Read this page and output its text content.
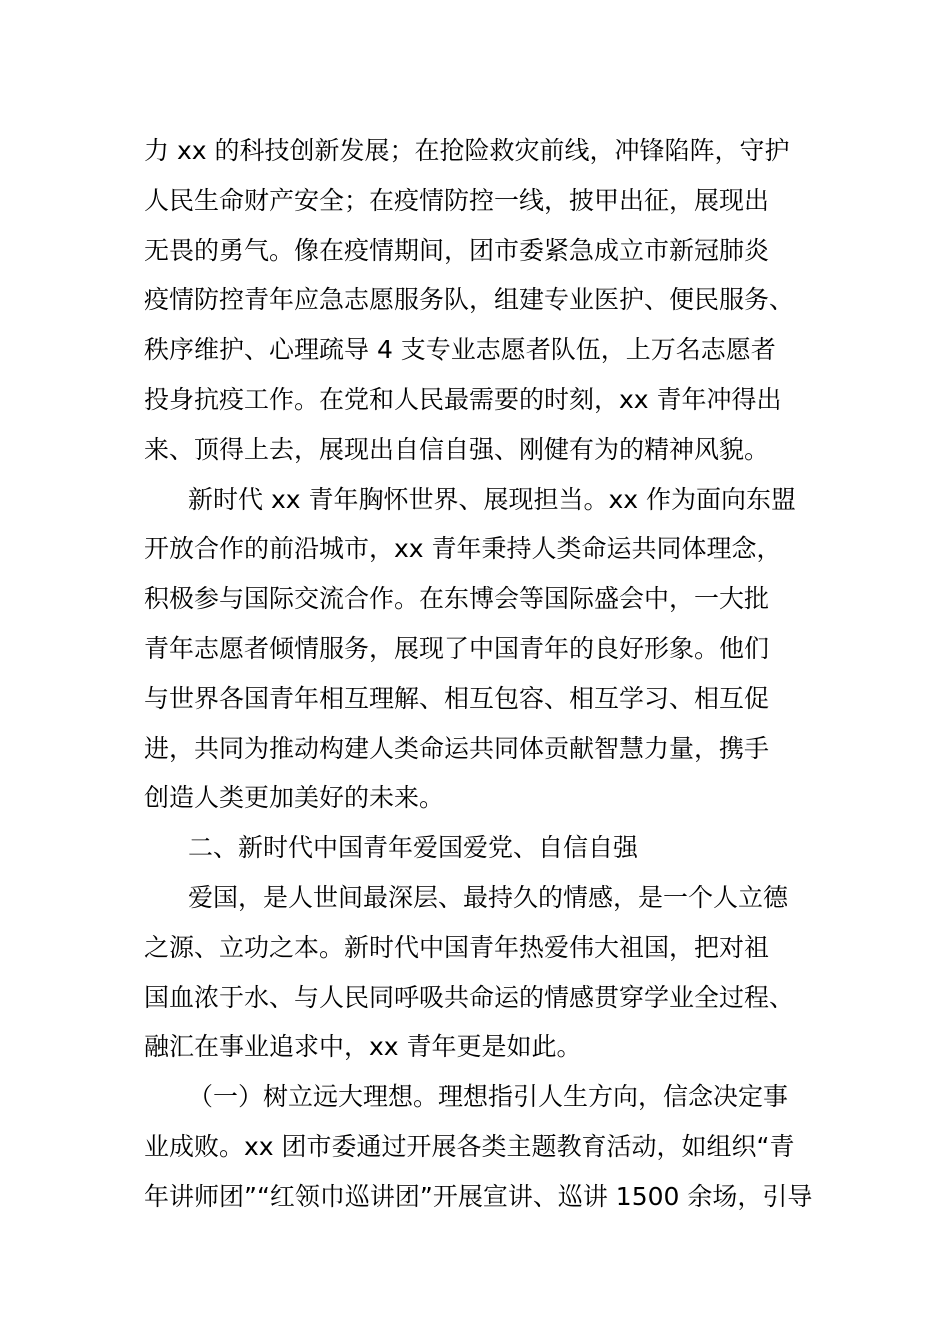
力 xx 的科技创新发展；在抢险救灾前线，冲锋陷阵，守护
人民生命财产安全；在疫情防控一线，披甲出征，展现出
无畏的勇气。像在疫情期间，团市委紧急成立市新冠肺炎
疫情防控青年应急志愿服务队，组建专业医护、便民服务、
秩序维护、心理疏导 4 支专业志愿者队伍，上万名志愿者
投身抗疫工作。在党和人民最需要的时刻，xx 青年冲得出
来、顶得上去，展现出自信自强、刚健有为的精神风貌。

新时代 xx 青年胸怀世界、展现担当。xx 作为面向东盟
开放合作的前沿城市，xx 青年秉持人类命运共同体理念，
积极参与国际交流合作。在东博会等国际盛会中，一大批
青年志愿者倾情服务，展现了中国青年的良好形象。他们
与世界各国青年相互理解、相互包容、相互学习、相互促
进，共同为推动构建人类命运共同体贡献智慧力量，携手
创造人类更加美好的未来。

二、新时代中国青年爱国爱党、自信自强

爱国，是人世间最深层、最持久的情感，是一个人立德
之源、立功之本。新时代中国青年热爱伟大祖国，把对祖
国血浓于水、与人民同呼吸共命运的情感贯穿学业全过程、
融汇在事业追求中，xx 青年更是如此。

（一）树立远大理想。理想指引人生方向，信念决定事
业成败。xx 团市委通过开展各类主题教育活动，如组织“青
年讲师团”“红领巾巡讲团”开展宣讲、巡讲 1500 余场，引导
